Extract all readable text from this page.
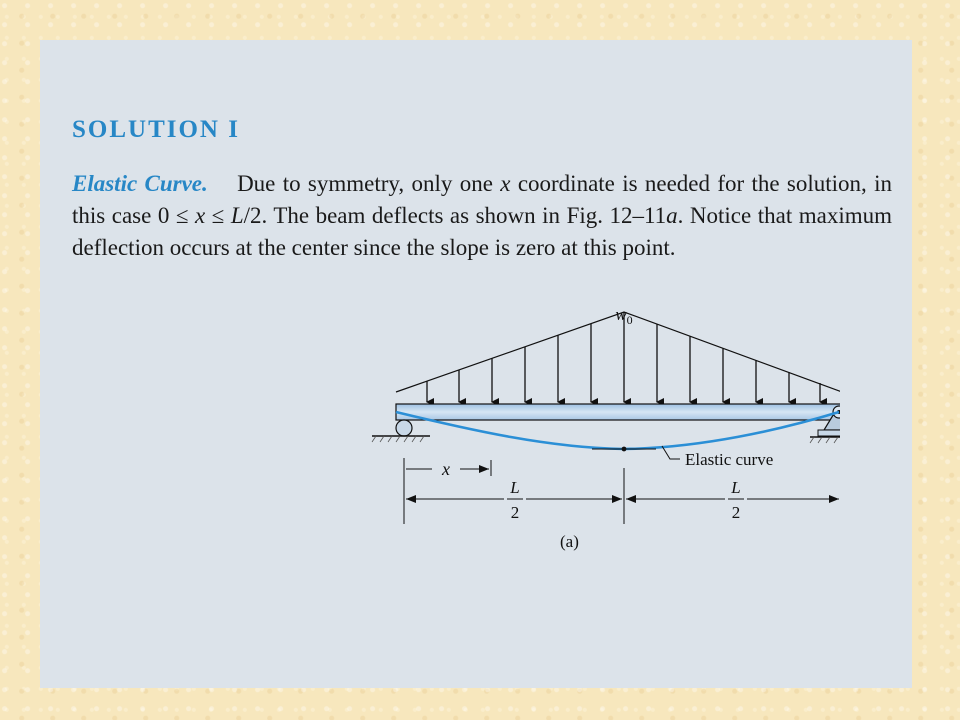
SOLUTION I

Elastic Curve. Due to symmetry, only one x coordinate is needed for the solution, in this case 0 ≤ x ≤ L/2. The beam deflects as shown in Fig. 12–11a. Notice that maximum deflection occurs at the center since the slope is zero at this point.

$w_0$
Elastic curve
x
L
2
L
2
(a)
